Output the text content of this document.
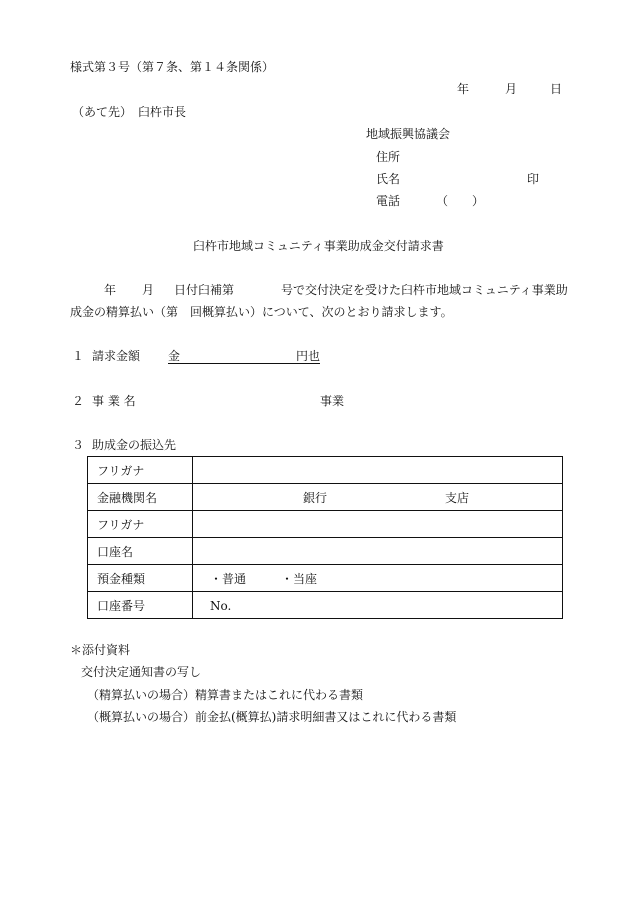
様式第３号（第７条、第１４条関係）
年	月	日
（あて先）　臼杵市長
地域振興協議会
住所
氏名	印
電話	（　　）
臼杵市地域コミュニティ事業助成金交付請求書
年 月 日付臼補第	号で交付決定を受けた臼杵市地域コミュニティ事業助
成金の精算払い（第　回概算払い）について、次のとおり請求します。
１ 請求金額 金	円也
２ 事 業 名	事業
３ 助成金の振込先
フリガナ	
金融機関名	銀行 支店

フリガナ	
口座名	
預金種類	・普通 ・当座

口座番号	No.
＊添付資料
交付決定通知書の写し
（精算払いの場合）精算書またはこれに代わる書類
（概算払いの場合）前金払(概算払)請求明細書又はこれに代わる書類
